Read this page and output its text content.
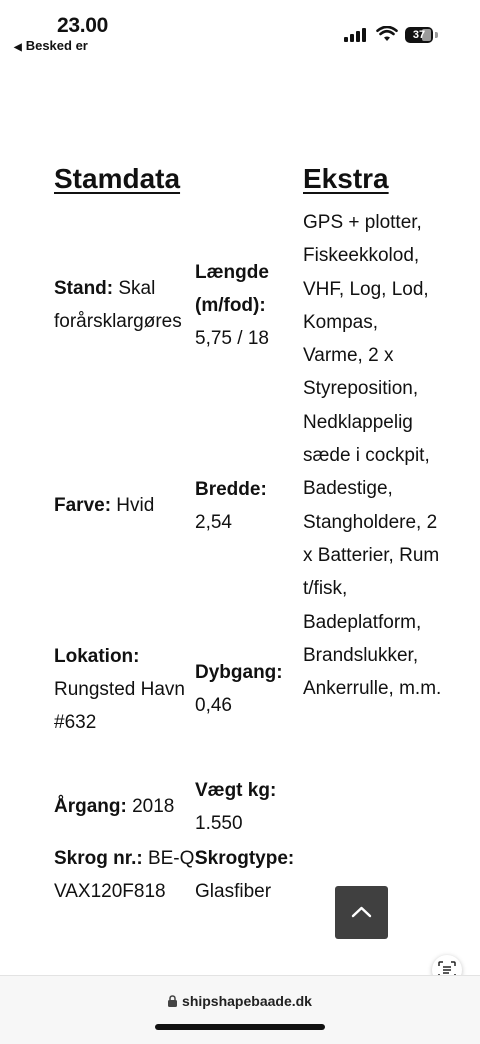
23.00
◀ Besked er
37
Stamdata	Ekstra
Stand: Skal forårsklargøres
Farve: Hvid
Lokation:
Rungsted Havn #632
Årgang: 2018
Skrog nr.: BE-QSVAX120F818
Længde (m/fod):
5,75 / 18
Bredde:
2,54
Dybgang:
0,46
Vægt kg:
1.550
Skrogtype:
Glasfiber
GPS + plotter, Fiskeekkolod, VHF, Log, Lod, Kompas, Varme, 2 x Styreposition, Nedklappelig sæde i cockpit, Badestige, Stangholdere, 2 x Batterier, Rum t/fisk, Badeplatform, Brandslukker, Ankerrulle, m.m.
shipshapebaade.dk
